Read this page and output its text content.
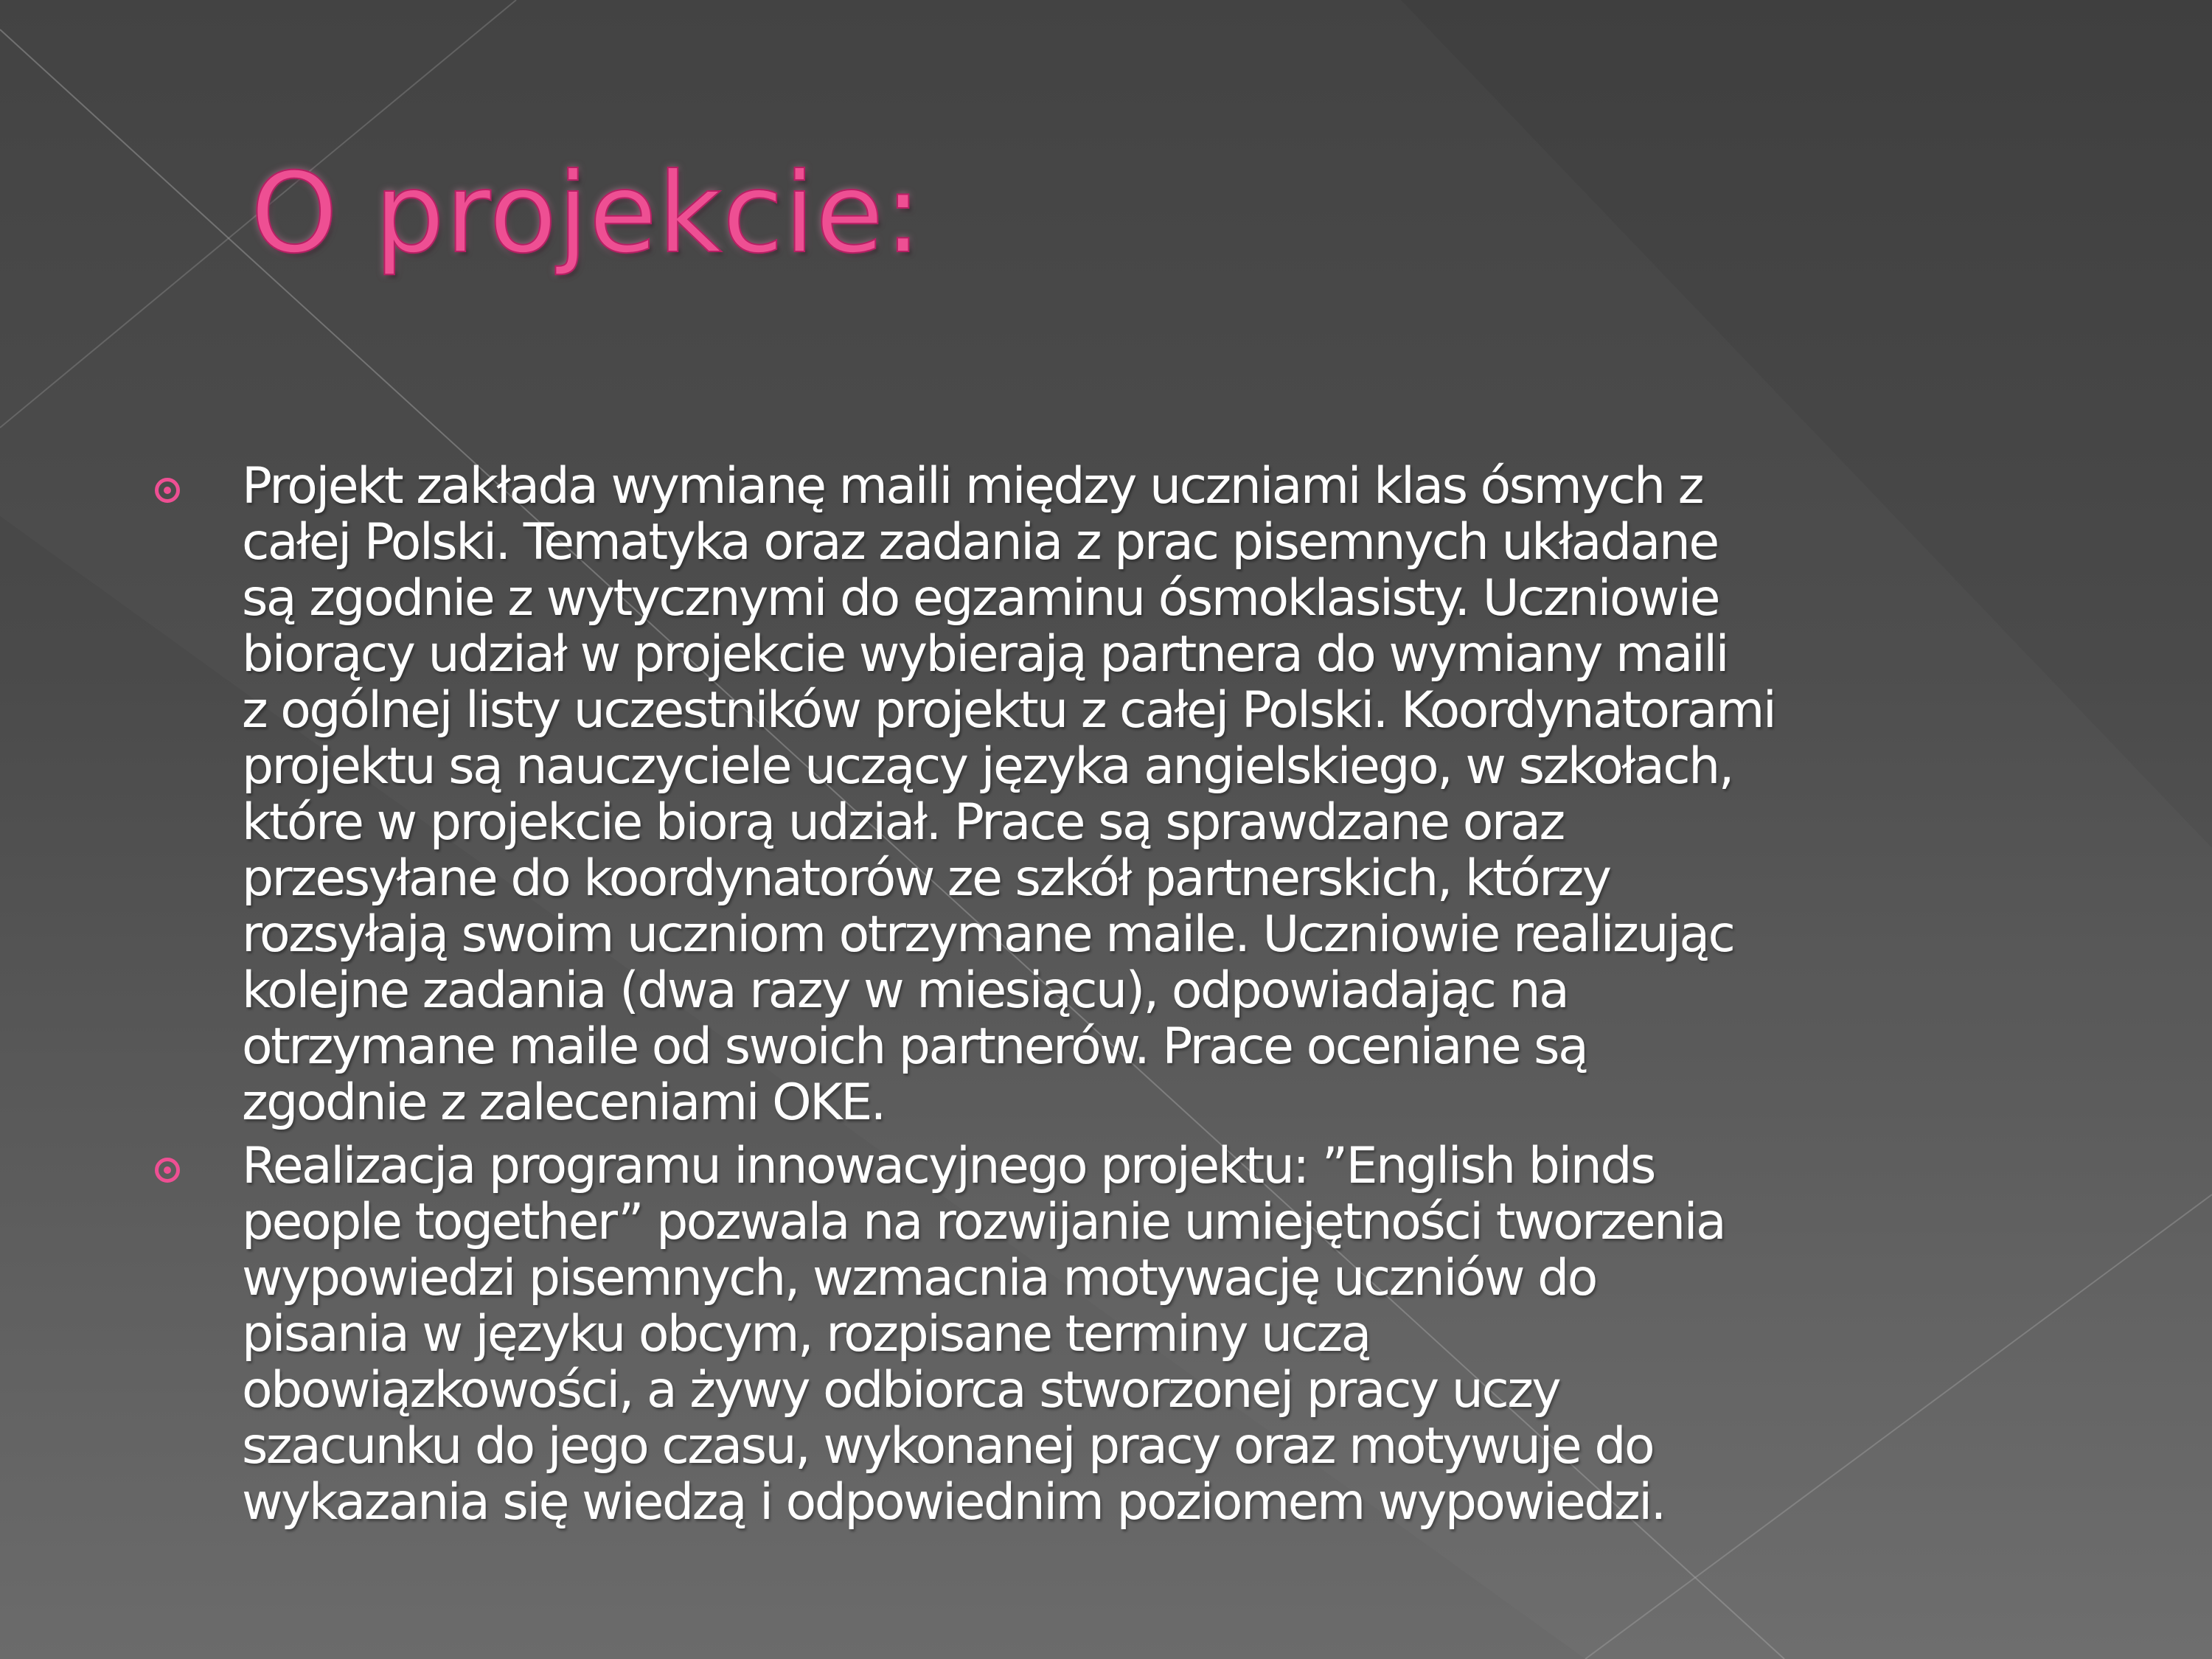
O projekcie:
Projekt zakłada wymianę maili między uczniami klas ósmych z
całej Polski. Tematyka oraz zadania z prac pisemnych układane
są zgodnie z wytycznymi do egzaminu ósmoklasisty. Uczniowie
biorący udział w projekcie wybierają partnera do wymiany maili
z ogólnej listy uczestników projektu z całej Polski. Koordynatorami
projektu są nauczyciele uczący języka angielskiego, w szkołach,
które w projekcie biorą udział. Prace są sprawdzane oraz
przesyłane do koordynatorów ze szkół partnerskich, którzy
rozsyłają swoim uczniom otrzymane maile. Uczniowie realizując
kolejne zadania (dwa razy w miesiącu), odpowiadając na
otrzymane maile od swoich partnerów. Prace oceniane są
zgodnie z zaleceniami OKE.
Realizacja programu innowacyjnego projektu: ”English binds
people together” pozwala na rozwijanie umiejętności tworzenia
wypowiedzi pisemnych, wzmacnia motywację uczniów do
pisania w języku obcym, rozpisane terminy uczą
obowiązkowości, a żywy odbiorca stworzonej pracy uczy
szacunku do jego czasu, wykonanej pracy oraz motywuje do
wykazania się wiedzą i odpowiednim poziomem wypowiedzi.
